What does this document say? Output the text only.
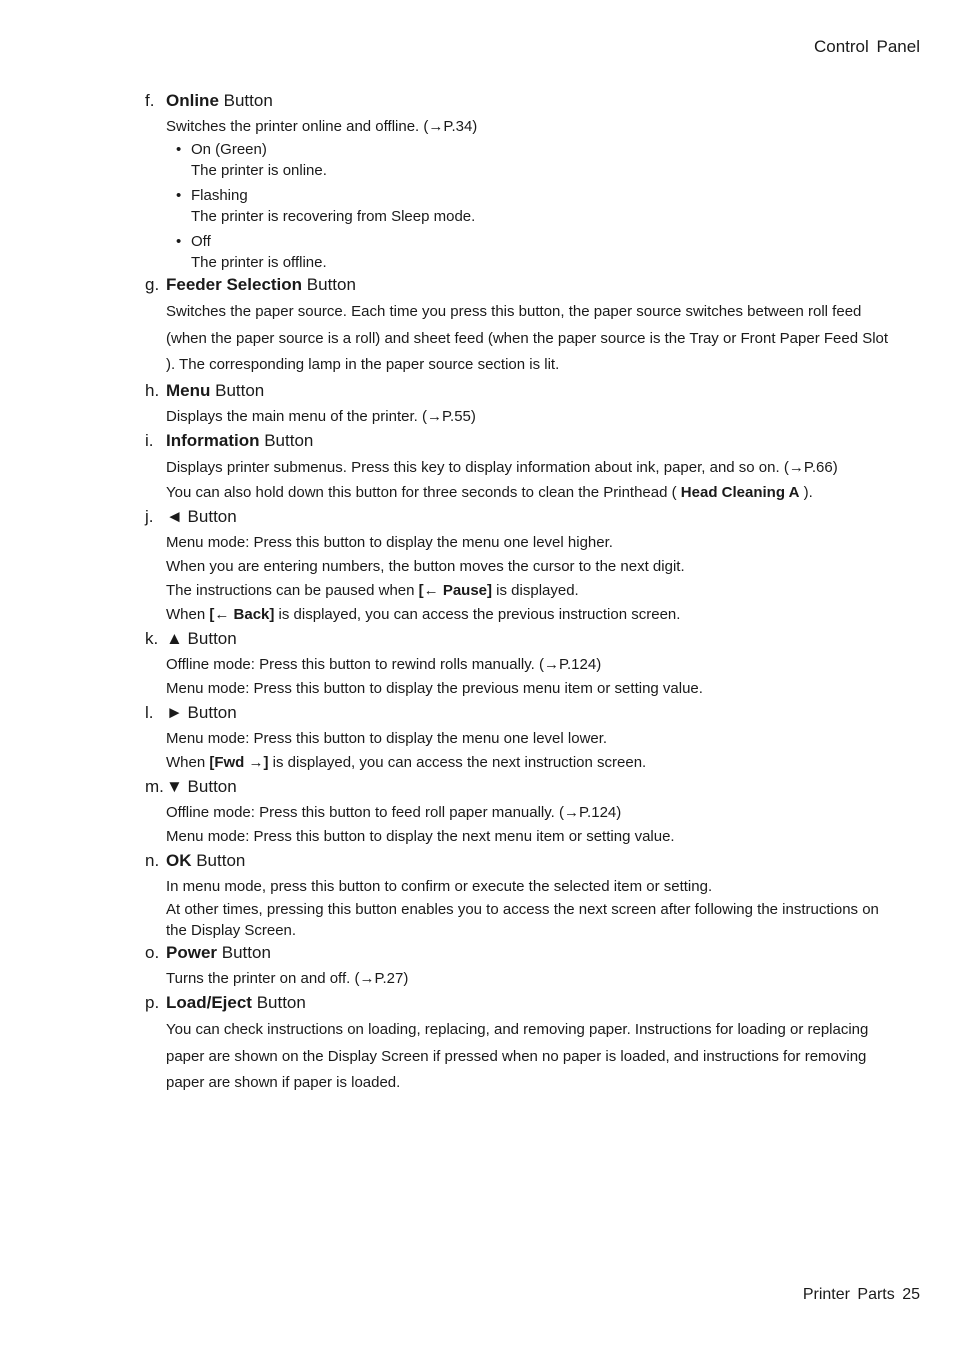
Control Panel
f. Online Button

Switches the printer online and offline. (→P.34)

• On (Green)
The printer is online.
• Flashing
The printer is recovering from Sleep mode.
• Off
The printer is offline.
g. Feeder Selection Button

Switches the paper source. Each time you press this button, the paper source switches between roll feed (when the paper source is a roll) and sheet feed (when the paper source is the Tray or Front Paper Feed Slot ). The corresponding lamp in the paper source section is lit.

h. Menu Button

Displays the main menu of the printer. (→P.55)

i. Information Button

Displays printer submenus. Press this key to display information about ink, paper, and so on. (→P.66)

You can also hold down this button for three seconds to clean the Printhead ( Head Cleaning A ).

j. ◄ Button

Menu mode: Press this button to display the menu one level higher.

When you are entering numbers, the button moves the cursor to the next digit.

The instructions can be paused when [← Pause] is displayed.

When [← Back] is displayed, you can access the previous instruction screen.

k. ▲ Button

Offline mode: Press this button to rewind rolls manually. (→P.124)

Menu mode: Press this button to display the previous menu item or setting value.

l. ► Button

Menu mode: Press this button to display the menu one level lower.

When [Fwd →] is displayed, you can access the next instruction screen.

m. ▼ Button

Offline mode: Press this button to feed roll paper manually. (→P.124)

Menu mode: Press this button to display the next menu item or setting value.

n. OK Button

In menu mode, press this button to confirm or execute the selected item or setting.

At other times, pressing this button enables you to access the next screen after following the instructions on the Display Screen.

o. Power Button

Turns the printer on and off. (→P.27)

p. Load/Eject Button

You can check instructions on loading, replacing, and removing paper. Instructions for loading or replacing paper are shown on the Display Screen if pressed when no paper is loaded, and instructions for removing paper are shown if paper is loaded.

Printer Parts 25
